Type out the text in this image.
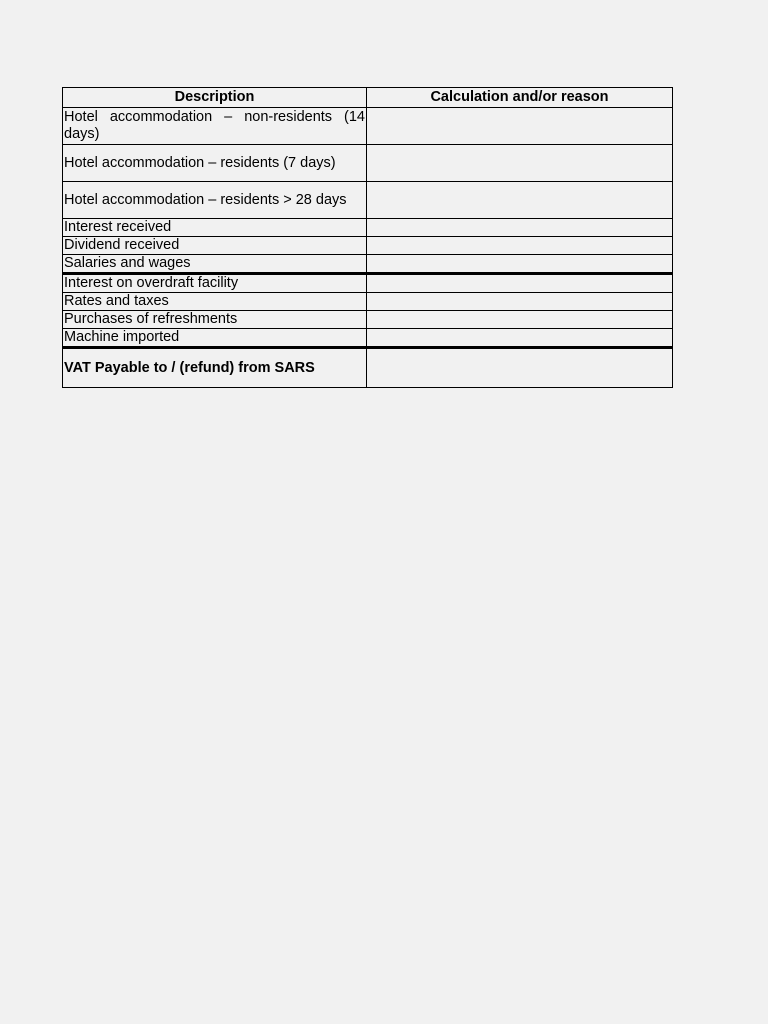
Description	Calculation and/or reason
Hotel accommodation – non-residents (14 days)	
Hotel accommodation – residents (7 days)	
Hotel accommodation – residents > 28 days	
Interest received	
Dividend received	
Salaries and wages	
Interest on overdraft facility	
Rates and taxes	
Purchases of refreshments	
Machine imported	
VAT Payable to / (refund) from SARS	
